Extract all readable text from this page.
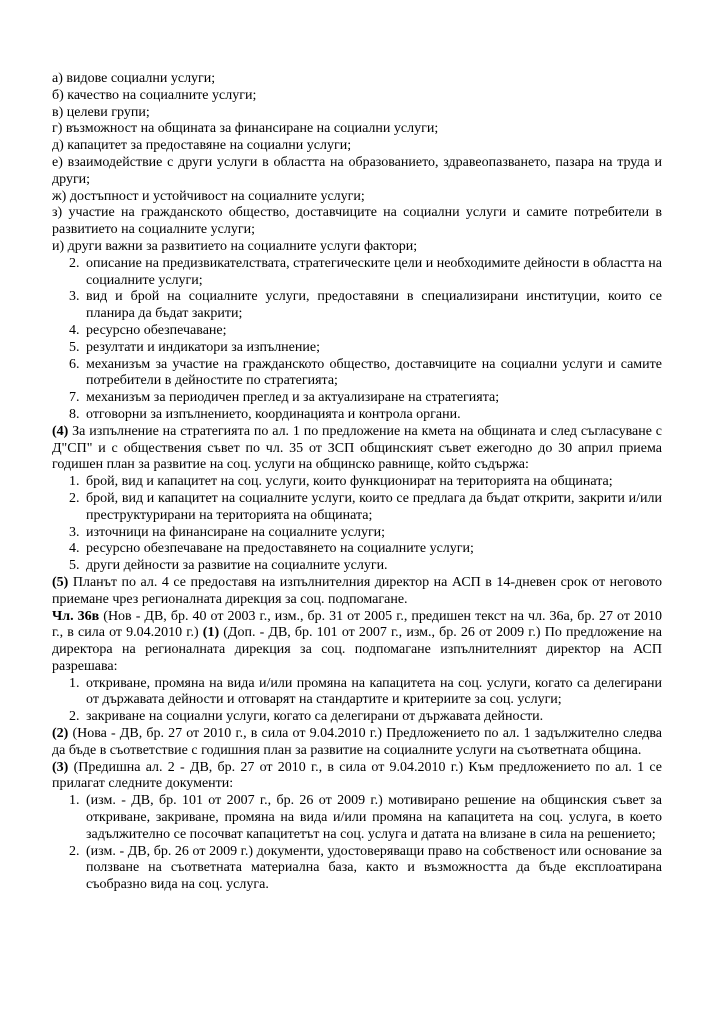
а) видове социални услуги;

б) качество на социалните услуги;

в) целеви групи;

г) възможност на общината за финансиране на социални услуги;

д) капацитет за предоставяне на социални услуги;

е) взаимодействие с други услуги в областта на образованието, здравеопазването, пазара на труда и други;

ж) достъпност и устойчивост на социалните услуги;

з) участие на гражданското общество, доставчиците на социални услуги и самите потребители в развитието на социалните услуги;

и) други важни за развитието на социалните услуги фактори;

2. описание на предизвикателствата, стратегическите цели и необходимите дейности в областта на социалните услуги;
3. вид и брой на социалните услуги, предоставяни в специализирани институции, които се планира да бъдат закрити;
4. ресурсно обезпечаване;
5. резултати и индикатори за изпълнение;
6. механизъм за участие на гражданското общество, доставчиците на социални услуги и самите потребители в дейностите по стратегията;
7. механизъм за периодичен преглед и за актуализиране на стратегията;
8. отговорни за изпълнението, координацията и контрола органи.

(4) За изпълнение на стратегията по ал. 1 по предложение на кмета на общината и след съгласуване с Д"СП" и с обществения съвет по чл. 35 от ЗСП общинският съвет ежегодно до 30 април приема годишен план за развитие на соц. услуги на общинско равнище, който съдържа:

1. брой, вид и капацитет на соц. услуги, които функционират на територията на общината;
2. брой, вид и капацитет на социалните услуги, които се предлага да бъдат открити, закрити и/или преструктурирани на територията на общината;
3. източници на финансиране на социалните услуги;
4. ресурсно обезпечаване на предоставянето на социалните услуги;
5. други дейности за развитие на социалните услуги.

(5) Планът по ал. 4 се предоставя на изпълнителния директор на АСП в 14-дневен срок от неговото приемане чрез регионалната дирекция за соц. подпомагане.

Чл. 36в (Нов - ДВ, бр. 40 от 2003 г., изм., бр. 31 от 2005 г., предишен текст на чл. 36а, бр. 27 от 2010 г., в сила от 9.04.2010 г.) (1) (Доп. - ДВ, бр. 101 от 2007 г., изм., бр. 26 от 2009 г.) По предложение на директора на регионалната дирекция за соц. подпомагане изпълнителният директор на АСП разрешава:

1. откриване, промяна на вида и/или промяна на капацитета на соц. услуги, когато са делегирани от държавата дейности и отговарят на стандартите и критериите за соц. услуги;
2. закриване на социални услуги, когато са делегирани от държавата дейности.

(2) (Нова - ДВ, бр. 27 от 2010 г., в сила от 9.04.2010 г.) Предложението по ал. 1 задължително следва да бъде в съответствие с годишния план за развитие на социалните услуги на съответната община.

(3) (Предишна ал. 2 - ДВ, бр. 27 от 2010 г., в сила от 9.04.2010 г.) Към предложението по ал. 1 се прилагат следните документи:

1. (изм. - ДВ, бр. 101 от 2007 г., бр. 26 от 2009 г.) мотивирано решение на общинския съвет за откриване, закриване, промяна на вида и/или промяна на капацитета на соц. услуга, в което задължително се посочват капацитетът на соц. услуга и датата на влизане в сила на решението;
2. (изм. - ДВ, бр. 26 от 2009 г.) документи, удостоверяващи право на собственост или основание за ползване на съответната материална база, както и възможността да бъде експлоатирана съобразно вида на соц. услуга.
